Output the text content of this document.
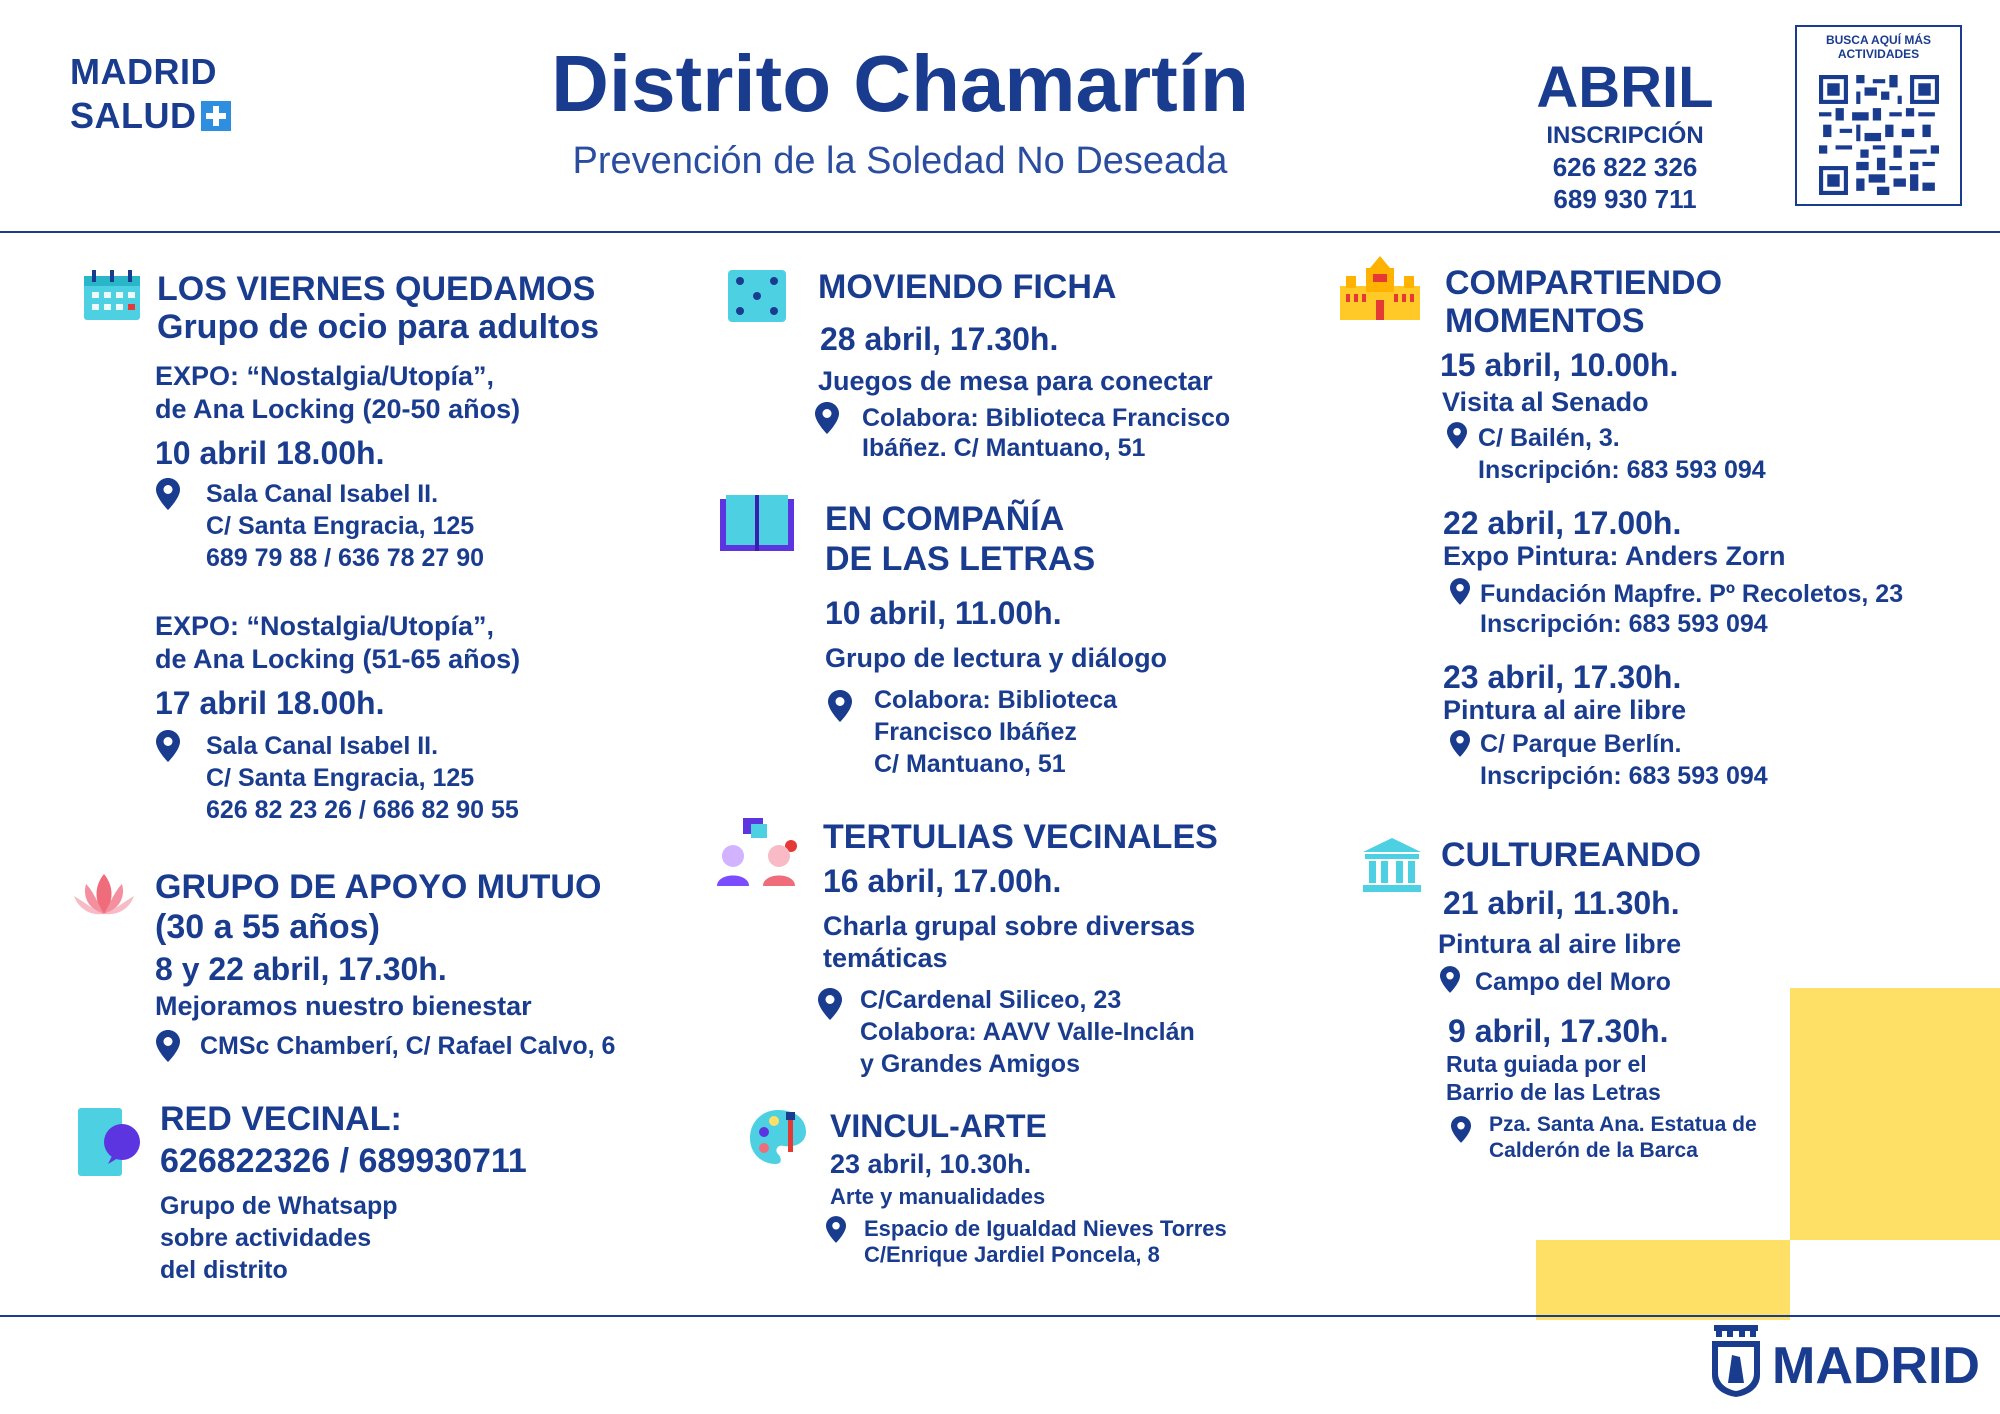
MADRID
SALUD	Distrito Chamartín
Prevención de la Soledad No Deseada
ABRIL
INSCRIPCIÓN
626 822 326
689 930 711
BUSCA AQUÍ MÁS
ACTIVIDADES
LOS VIERNES QUEDAMOS
Grupo de ocio para adultos
EXPO: “Nostalgia/Utopía”,
de Ana Locking (20-50 años)
10 abril 18.00h.
Sala Canal Isabel II.
C/ Santa Engracia, 125
689 79 88 / 636 78 27 90
EXPO: “Nostalgia/Utopía”,
de Ana Locking (51-65 años)
17 abril 18.00h.
Sala Canal Isabel II.
C/ Santa Engracia, 125
626 82 23 26 / 686 82 90 55
GRUPO DE APOYO MUTUO
(30 a 55 años)
8 y 22 abril, 17.30h.
Mejoramos nuestro bienestar
CMSc Chamberí, C/ Rafael Calvo, 6
RED VECINAL:
626822326 / 689930711
Grupo de Whatsapp
sobre actividades
del distrito
MOVIENDO FICHA
28 abril, 17.30h.
Juegos de mesa para conectar
Colabora: Biblioteca Francisco
Ibáñez. C/ Mantuano, 51
EN COMPAÑÍA
DE LAS LETRAS
10 abril, 11.00h.
Grupo de lectura y diálogo
Colabora: Biblioteca
Francisco Ibáñez
C/ Mantuano, 51
TERTULIAS VECINALES
16 abril, 17.00h.
Charla grupal sobre diversas
temáticas
C/Cardenal Siliceo, 23
Colabora: AAVV Valle-Inclán
y Grandes Amigos
VINCUL-ARTE
23 abril, 10.30h.
Arte y manualidades
Espacio de Igualdad Nieves Torres
C/Enrique Jardiel Poncela, 8
COMPARTIENDO
MOMENTOS
15 abril, 10.00h.
Visita al Senado
C/ Bailén, 3.
Inscripción: 683 593 094
22 abril, 17.00h.
Expo Pintura: Anders Zorn
Fundación Mapfre. Pº Recoletos, 23
Inscripción: 683 593 094
23 abril, 17.30h.
Pintura al aire libre
C/ Parque Berlín.
Inscripción: 683 593 094
CULTUREANDO
21 abril, 11.30h.
Pintura al aire libre
Campo del Moro
9 abril, 17.30h.
Ruta guiada por el
Barrio de las Letras
Pza. Santa Ana. Estatua de
Calderón de la Barca
MADRID
